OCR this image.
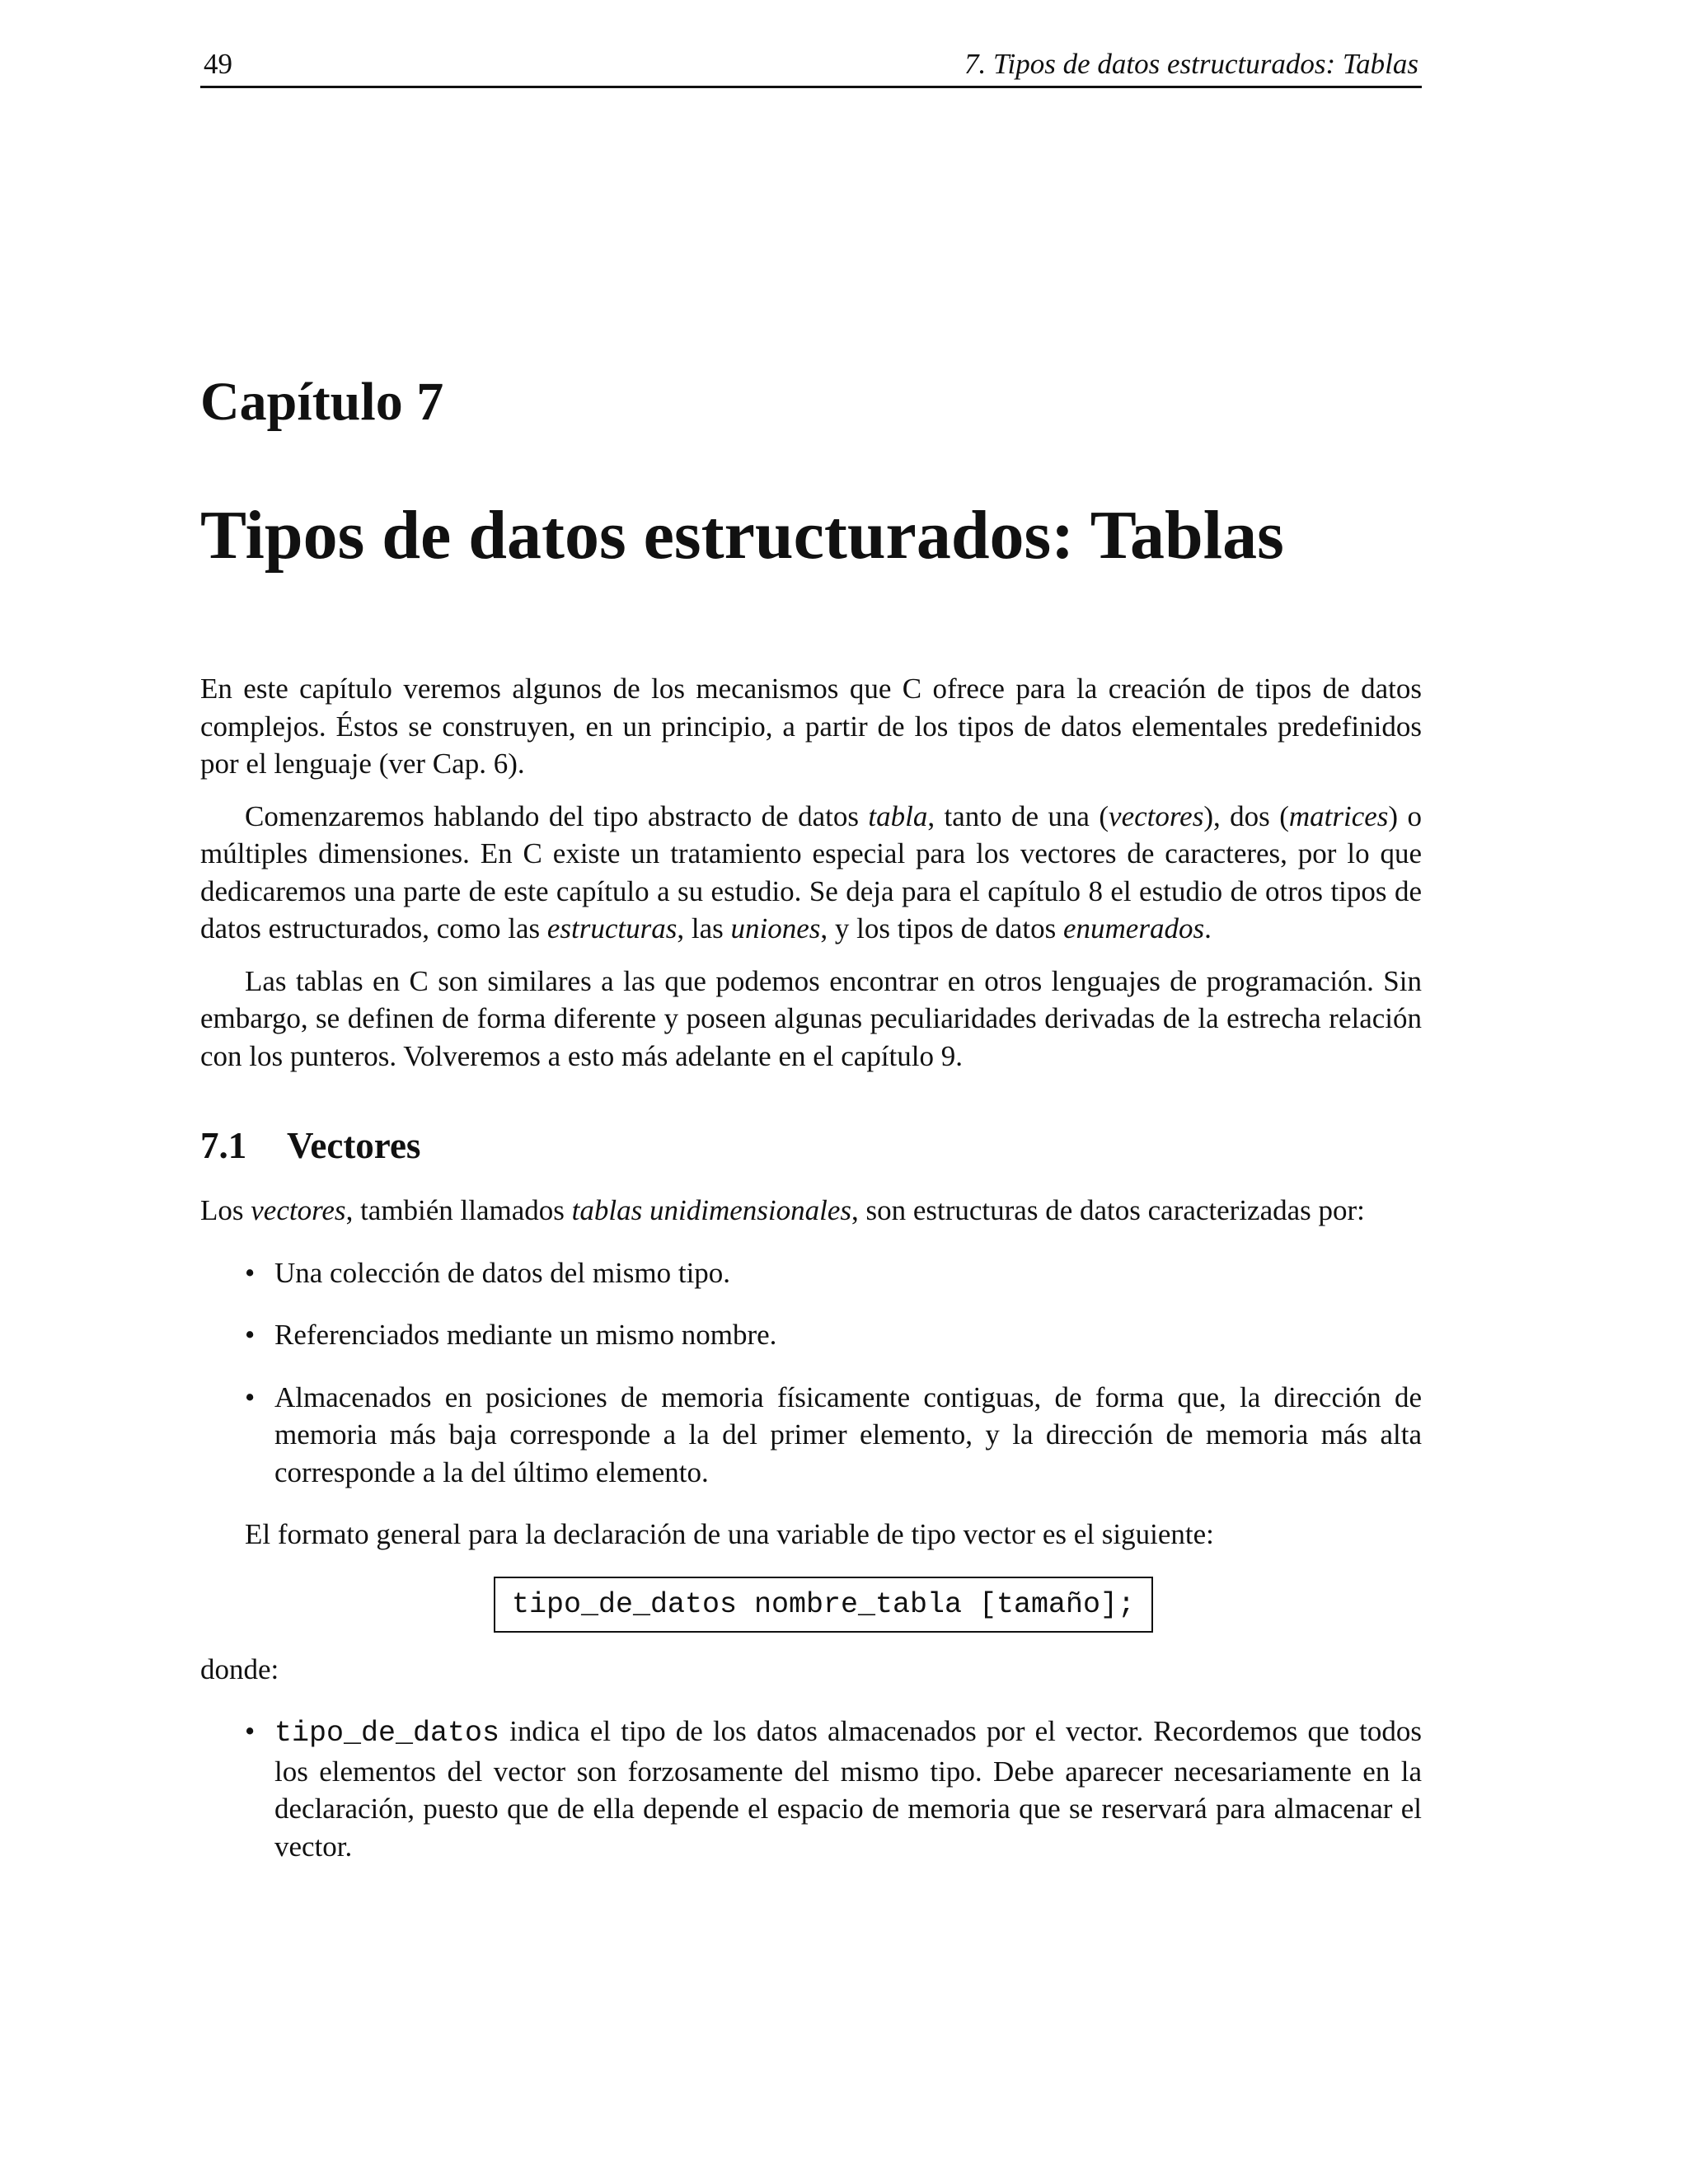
49	7. Tipos de datos estructurados: Tablas
Capítulo 7
Tipos de datos estructurados: Tablas

En este capítulo veremos algunos de los mecanismos que C ofrece para la creación de tipos de datos complejos. Éstos se construyen, en un principio, a partir de los tipos de datos elementales predefinidos por el lenguaje (ver Cap. 6).

Comenzaremos hablando del tipo abstracto de datos tabla, tanto de una (vectores), dos (matrices) o múltiples dimensiones. En C existe un tratamiento especial para los vectores de caracteres, por lo que dedicaremos una parte de este capítulo a su estudio. Se deja para el capítulo 8 el estudio de otros tipos de datos estructurados, como las estructuras, las uniones, y los tipos de datos enumerados.

Las tablas en C son similares a las que podemos encontrar en otros lenguajes de programación. Sin embargo, se definen de forma diferente y poseen algunas peculiaridades derivadas de la estrecha relación con los punteros. Volveremos a esto más adelante en el capítulo 9.

7.1 Vectores

Los vectores, también llamados tablas unidimensionales, son estructuras de datos caracterizadas por:

• Una colección de datos del mismo tipo.
• Referenciados mediante un mismo nombre.
• Almacenados en posiciones de memoria físicamente contiguas, de forma que, la dirección de memoria más baja corresponde a la del primer elemento, y la dirección de memoria más alta corresponde a la del último elemento.

El formato general para la declaración de una variable de tipo vector es el siguiente:

tipo_de_datos nombre_tabla [tamaño];

donde:

• tipo_de_datos indica el tipo de los datos almacenados por el vector. Recordemos que todos los elementos del vector son forzosamente del mismo tipo. Debe aparecer necesariamente en la declaración, puesto que de ella depende el espacio de memoria que se reservará para almacenar el vector.
